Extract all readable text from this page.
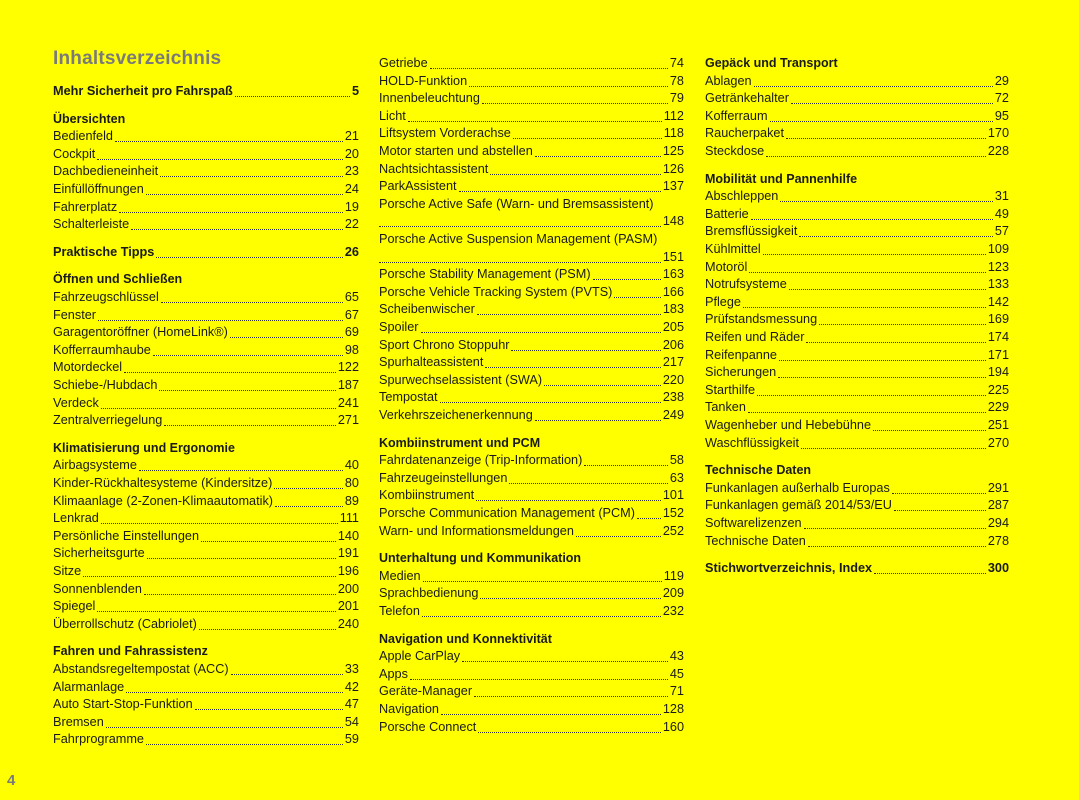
Inhaltsverzeichnis
Mehr Sicherheit pro Fahrspaß	5
Übersichten
Bedienfeld	21
Cockpit	20
Dachbedieneinheit	23
Einfüllöffnungen	24
Fahrerplatz	19
Schalterleiste	22
Praktische Tipps	26
Öffnen und Schließen
Fahrzeugschlüssel	65
Fenster	67
Garagentoröffner (HomeLink®)	69
Kofferraumhaube	98
Motordeckel	122
Schiebe-/Hubdach	187
Verdeck	241
Zentralverriegelung	271
Klimatisierung und Ergonomie
Airbagsysteme	40
Kinder-Rückhaltesysteme (Kindersitze)	80
Klimaanlage (2-Zonen-Klimaautomatik)	89
Lenkrad	111
Persönliche Einstellungen	140
Sicherheitsgurte	191
Sitze	196
Sonnenblenden	200
Spiegel	201
Überrollschutz (Cabriolet)	240
Fahren und Fahrassistenz
Abstandsregeltempostat (ACC)	33
Alarmanlage	42
Auto Start-Stop-Funktion	47
Bremsen	54
Fahrprogramme	59
Getriebe	74
HOLD-Funktion	78
Innenbeleuchtung	79
Licht	112
Liftsystem Vorderachse	118
Motor starten und abstellen	125
Nachtsichtassistent	126
ParkAssistent	137
Porsche Active Safe (Warn- und Bremsassistent)
148
Porsche Active Suspension Management (PASM)
151
Porsche Stability Management (PSM)	163
Porsche Vehicle Tracking System (PVTS)	166
Scheibenwischer	183
Spoiler	205
Sport Chrono Stoppuhr	206
Spurhalteassistent	217
Spurwechselassistent (SWA)	220
Tempostat	238
Verkehrszeichenerkennung	249
Kombiinstrument und PCM
Fahrdatenanzeige (Trip-Information)	58
Fahrzeugeinstellungen	63
Kombiinstrument	101
Porsche Communication Management (PCM) 152
Warn- und Informationsmeldungen	252
Unterhaltung und Kommunikation
Medien	119
Sprachbedienung	209
Telefon	232
Navigation und Konnektivität
Apple CarPlay	43
Apps	45
Geräte-Manager	71
Navigation	128
Porsche Connect	160
Gepäck und Transport
Ablagen	29
Getränkehalter	72
Kofferraum	95
Raucherpaket	170
Steckdose	228
Mobilität und Pannenhilfe
Abschleppen	31
Batterie	49
Bremsflüssigkeit	57
Kühlmittel	109
Motoröl	123
Notrufsysteme	133
Pflege	142
Prüfstandsmessung	169
Reifen und Räder	174
Reifenpanne	171
Sicherungen	194
Starthilfe	225
Tanken	229
Wagenheber und Hebebühne	251
Waschflüssigkeit	270
Technische Daten
Funkanlagen außerhalb Europas	291
Funkanlagen gemäß 2014/53/EU	287
Softwarelizenzen	294
Technische Daten	278
Stichwortverzeichnis, Index	300
4
